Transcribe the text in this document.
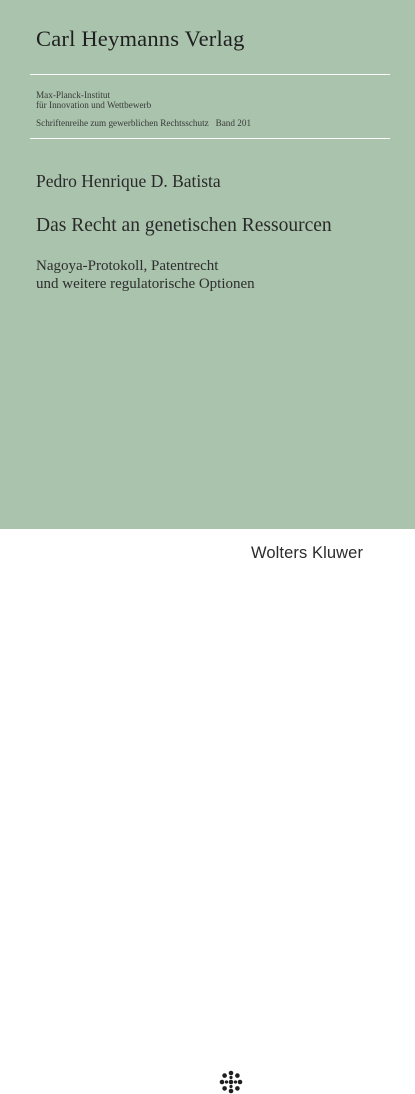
Carl Heymanns Verlag
Max-Planck-Institut
für Innovation und Wettbewerb
Schriftenreihe zum gewerblichen Rechtsschutz   Band 201
Pedro Henrique D. Batista
Das Recht an genetischen Ressourcen
Nagoya-Protokoll, Patentrecht
und weitere regulatorische Optionen
Wolters Kluwer
